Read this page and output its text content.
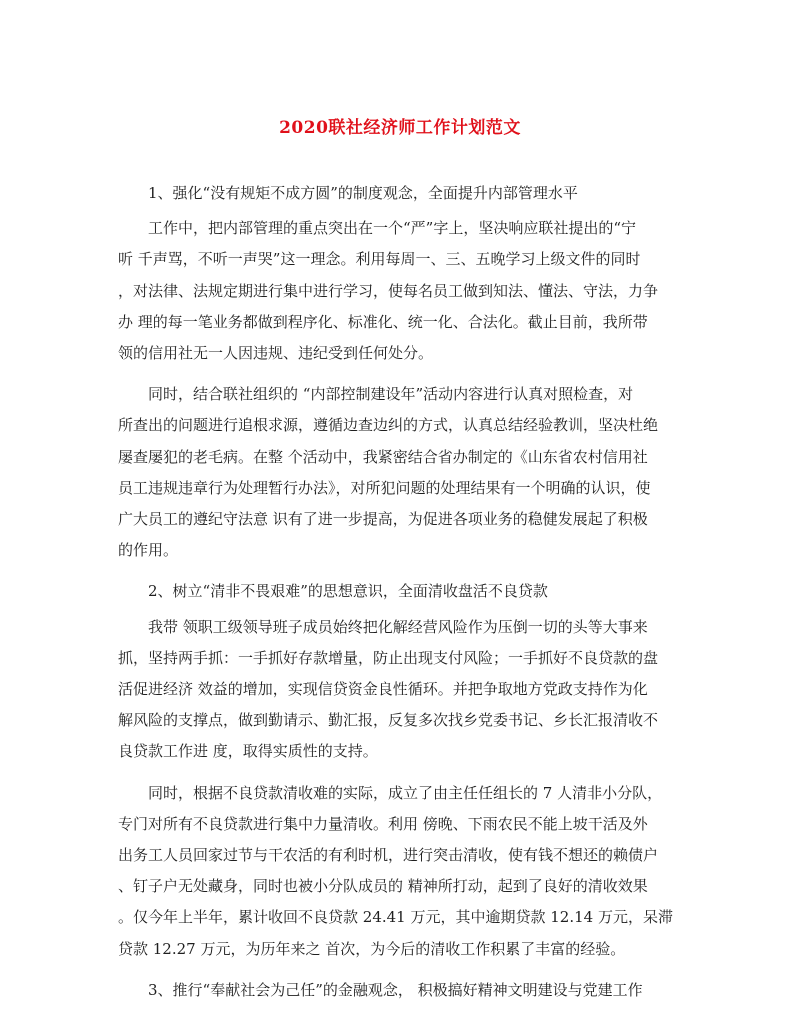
2020联社经济师工作计划范文
1、强化“没有规矩不成方圆”的制度观念，全面提升内部管理水平
工作中，把内部管理的重点突出在一个“严”字上，坚决响应联社提出的“宁
听 千声骂，不听一声哭”这一理念。利用每周一、三、五晚学习上级文件的同时
，对法律、法规定期进行集中进行学习，使每名员工做到知法、懂法、守法，力争
办 理的每一笔业务都做到程序化、标准化、统一化、合法化。截止目前，我所带
领的信用社无一人因违规、违纪受到任何处分。
同时，结合联社组织的 “内部控制建设年”活动内容进行认真对照检查，对
所查出的问题进行追根求源，遵循边查边纠的方式，认真总结经验教训，坚决杜绝
屡查屡犯的老毛病。在整 个活动中，我紧密结合省办制定的《山东省农村信用社
员工违规违章行为处理暂行办法》，对所犯问题的处理结果有一个明确的认识，使
广大员工的遵纪守法意 识有了进一步提高，为促进各项业务的稳健发展起了积极
的作用。
2、树立“清非不畏艰难”的思想意识，全面清收盘活不良贷款
我带 领职工级领导班子成员始终把化解经营风险作为压倒一切的头等大事来
抓，坚持两手抓：一手抓好存款增量，防止出现支付风险；一手抓好不良贷款的盘
活促进经济 效益的增加，实现信贷资金良性循环。并把争取地方党政支持作为化
解风险的支撑点，做到勤请示、勤汇报，反复多次找乡党委书记、乡长汇报清收不
良贷款工作进 度，取得实质性的支持。
同时，根据不良贷款清收难的实际，成立了由主任任组长的 7 人清非小分队，
专门对所有不良贷款进行集中力量清收。利用 傍晚、下雨农民不能上坡干活及外
出务工人员回家过节与干农活的有利时机，进行突击清收，使有钱不想还的赖债户
、钉子户无处藏身，同时也被小分队成员的 精神所打动，起到了良好的清收效果
。仅今年上半年，累计收回不良贷款 24.41 万元，其中逾期贷款 12.14 万元，呆滞
贷款 12.27 万元，为历年来之 首次，为今后的清收工作积累了丰富的经验。
3、推行“奉献社会为己任”的金融观念， 积极搞好精神文明建设与党建工作
